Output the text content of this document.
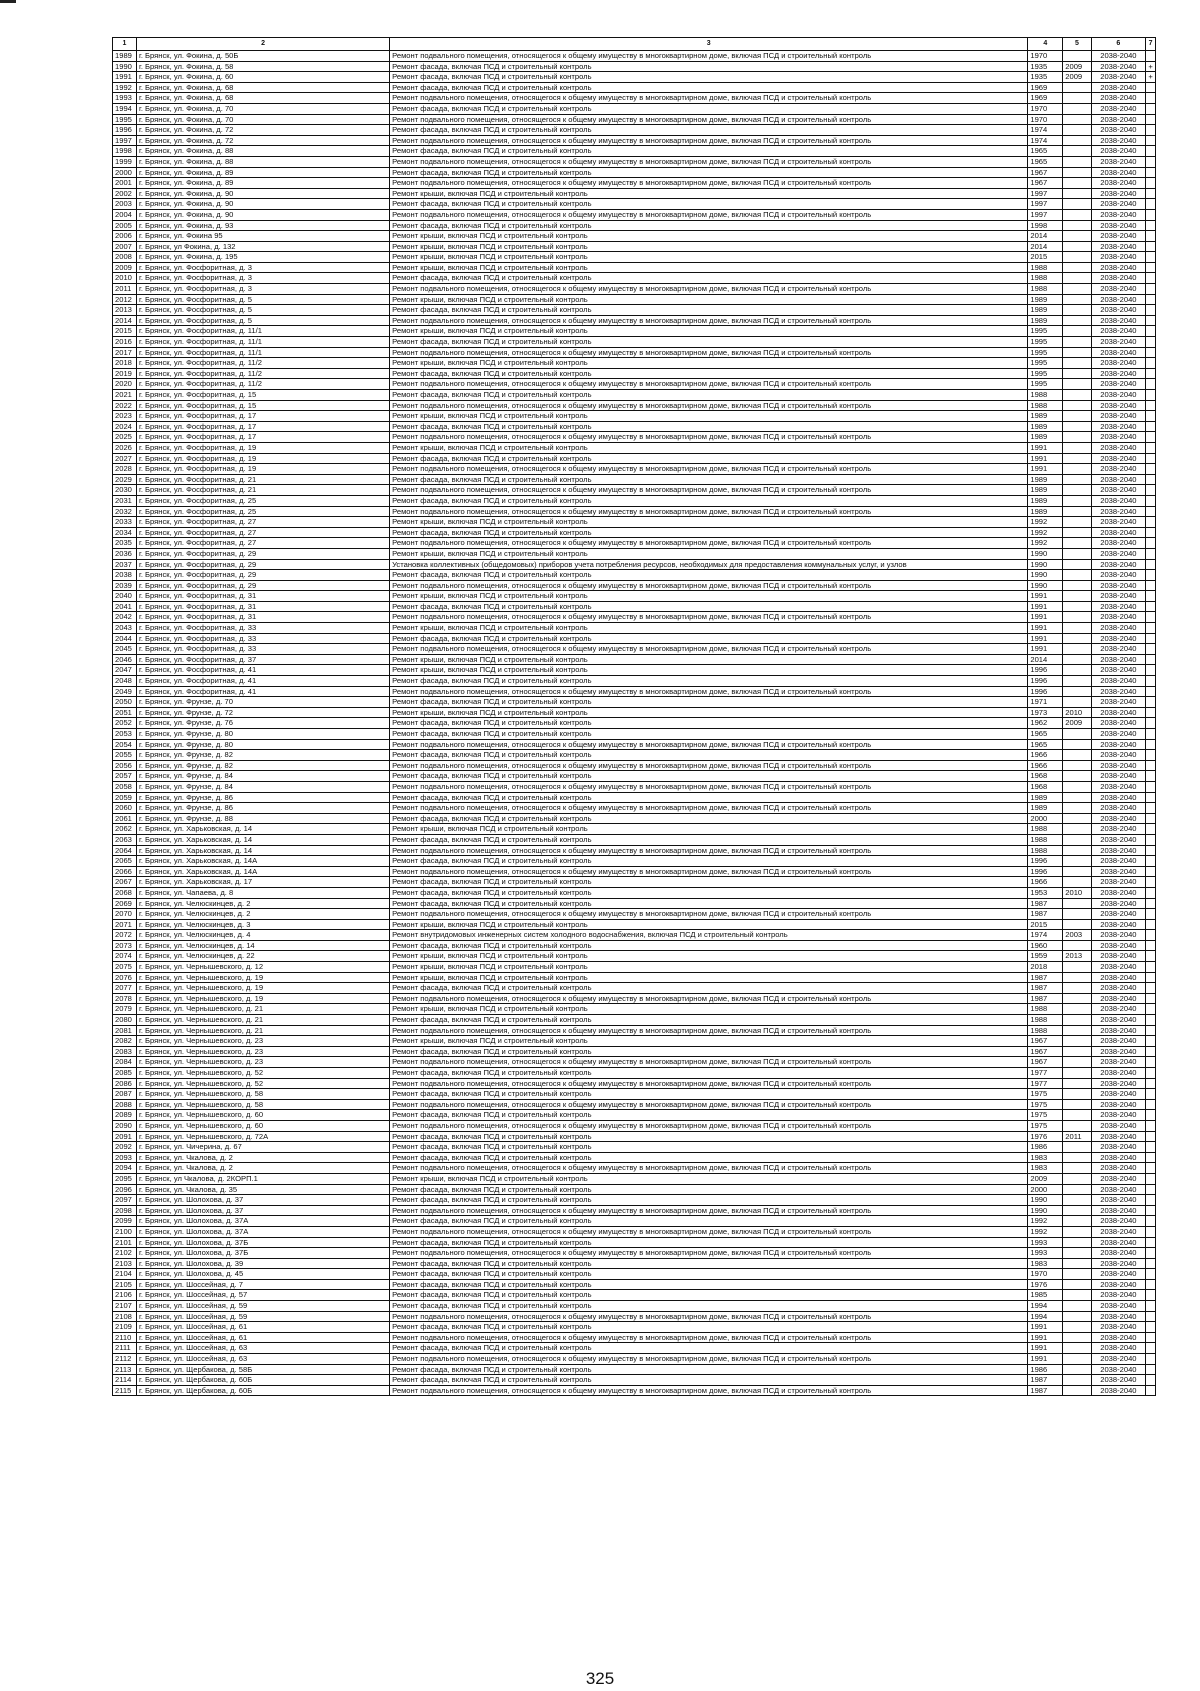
1	2	3	4	5	6	7
1989	г. Брянск, ул. Фокина, д. 50Б	Ремонт подвального помещения, относящегося к общему имуществу в многоквартирном доме, включая ПСД и строительный контроль	1970		2038-2040	
1990	г. Брянск, ул. Фокина, д. 58	Ремонт фасада, включая ПСД и строительный контроль	1935	2009	2038-2040	+
1991	г. Брянск, ул. Фокина, д. 60	Ремонт фасада, включая ПСД и строительный контроль	1935	2009	2038-2040	+
1992	г. Брянск, ул. Фокина, д. 68	Ремонт фасада, включая ПСД и строительный контроль	1969		2038-2040	
1993	г. Брянск, ул. Фокина, д. 68	Ремонт подвального помещения, относящегося к общему имуществу в многоквартирном доме, включая ПСД и строительный контроль	1969		2038-2040	
1994	г. Брянск, ул. Фокина, д. 70	Ремонт фасада, включая ПСД и строительный контроль	1970		2038-2040	
1995	г. Брянск, ул. Фокина, д. 70	Ремонт подвального помещения, относящегося к общему имуществу в многоквартирном доме, включая ПСД и строительный контроль	1970		2038-2040	
1996	г. Брянск, ул. Фокина, д. 72	Ремонт фасада, включая ПСД и строительный контроль	1974		2038-2040	
1997	г. Брянск, ул. Фокина, д. 72	Ремонт подвального помещения, относящегося к общему имуществу в многоквартирном доме, включая ПСД и строительный контроль	1974		2038-2040	
1998	г. Брянск, ул. Фокина, д. 88	Ремонт фасада, включая ПСД и строительный контроль	1965		2038-2040	
1999	г. Брянск, ул. Фокина, д. 88	Ремонт подвального помещения, относящегося к общему имуществу в многоквартирном доме, включая ПСД и строительный контроль	1965		2038-2040	
2000	г. Брянск, ул. Фокина, д. 89	Ремонт фасада, включая ПСД и строительный контроль	1967		2038-2040	
2001	г. Брянск, ул. Фокина, д. 89	Ремонт подвального помещения, относящегося к общему имуществу в многоквартирном доме, включая ПСД и строительный контроль	1967		2038-2040	
2002	г. Брянск, ул. Фокина, д. 90	Ремонт крыши, включая ПСД и строительный контроль	1997		2038-2040	
2003	г. Брянск, ул. Фокина, д. 90	Ремонт фасада, включая ПСД и строительный контроль	1997		2038-2040	
2004	г. Брянск, ул. Фокина, д. 90	Ремонт подвального помещения, относящегося к общему имуществу в многоквартирном доме, включая ПСД и строительный контроль	1997		2038-2040	
2005	г. Брянск, ул. Фокина, д. 93	Ремонт фасада, включая ПСД и строительный контроль	1998		2038-2040	
2006	г. Брянск, ул. Фокина 95	Ремонт крыши, включая ПСД и строительный контроль	2014		2038-2040	
2007	г. Брянск, ул Фокина, д. 132	Ремонт крыши, включая ПСД и строительный контроль	2014		2038-2040	
2008	г. Брянск, ул. Фокина, д. 195	Ремонт крыши, включая ПСД и строительный контроль	2015		2038-2040	
2009	г. Брянск, ул. Фосфоритная, д. 3	Ремонт крыши, включая ПСД и строительный контроль	1988		2038-2040	
2010	г. Брянск, ул. Фосфоритная, д. 3	Ремонт фасада, включая ПСД и строительный контроль	1988		2038-2040	
2011	г. Брянск, ул. Фосфоритная, д. 3	Ремонт подвального помещения, относящегося к общему имуществу в многоквартирном доме, включая ПСД и строительный контроль	1988		2038-2040	
2012	г. Брянск, ул. Фосфоритная, д. 5	Ремонт крыши, включая ПСД и строительный контроль	1989		2038-2040	
2013	г. Брянск, ул. Фосфоритная, д. 5	Ремонт фасада, включая ПСД и строительный контроль	1989		2038-2040	
2014	г. Брянск, ул. Фосфоритная, д. 5	Ремонт подвального помещения, относящегося к общему имуществу в многоквартирном доме, включая ПСД и строительный контроль	1989		2038-2040	
2015	г. Брянск, ул. Фосфоритная, д. 11/1	Ремонт крыши, включая ПСД и строительный контроль	1995		2038-2040	
2016	г. Брянск, ул. Фосфоритная, д. 11/1	Ремонт фасада, включая ПСД и строительный контроль	1995		2038-2040	
2017	г. Брянск, ул. Фосфоритная, д. 11/1	Ремонт подвального помещения, относящегося к общему имуществу в многоквартирном доме, включая ПСД и строительный контроль	1995		2038-2040	
2018	г. Брянск, ул. Фосфоритная, д. 11/2	Ремонт крыши, включая ПСД и строительный контроль	1995		2038-2040	
2019	г. Брянск, ул. Фосфоритная, д. 11/2	Ремонт фасада, включая ПСД и строительный контроль	1995		2038-2040	
2020	г. Брянск, ул. Фосфоритная, д. 11/2	Ремонт подвального помещения, относящегося к общему имуществу в многоквартирном доме, включая ПСД и строительный контроль	1995		2038-2040	
2021	г. Брянск, ул. Фосфоритная, д. 15	Ремонт фасада, включая ПСД и строительный контроль	1988		2038-2040	
2022	г. Брянск, ул. Фосфоритная, д. 15	Ремонт подвального помещения, относящегося к общему имуществу в многоквартирном доме, включая ПСД и строительный контроль	1988		2038-2040	
2023	г. Брянск, ул. Фосфоритная, д. 17	Ремонт крыши, включая ПСД и строительный контроль	1989		2038-2040	
2024	г. Брянск, ул. Фосфоритная, д. 17	Ремонт фасада, включая ПСД и строительный контроль	1989		2038-2040	
2025	г. Брянск, ул. Фосфоритная, д. 17	Ремонт подвального помещения, относящегося к общему имуществу в многоквартирном доме, включая ПСД и строительный контроль	1989		2038-2040	
2026	г. Брянск, ул. Фосфоритная, д. 19	Ремонт крыши, включая ПСД и строительный контроль	1991		2038-2040	
2027	г. Брянск, ул. Фосфоритная, д. 19	Ремонт фасада, включая ПСД и строительный контроль	1991		2038-2040	
2028	г. Брянск, ул. Фосфоритная, д. 19	Ремонт подвального помещения, относящегося к общему имуществу в многоквартирном доме, включая ПСД и строительный контроль	1991		2038-2040	
2029	г. Брянск, ул. Фосфоритная, д. 21	Ремонт фасада, включая ПСД и строительный контроль	1989		2038-2040	
2030	г. Брянск, ул. Фосфоритная, д. 21	Ремонт подвального помещения, относящегося к общему имуществу в многоквартирном доме, включая ПСД и строительный контроль	1989		2038-2040	
2031	г. Брянск, ул. Фосфоритная, д. 25	Ремонт фасада, включая ПСД и строительный контроль	1989		2038-2040	
2032	г. Брянск, ул. Фосфоритная, д. 25	Ремонт подвального помещения, относящегося к общему имуществу в многоквартирном доме, включая ПСД и строительный контроль	1989		2038-2040	
2033	г. Брянск, ул. Фосфоритная, д. 27	Ремонт крыши, включая ПСД и строительный контроль	1992		2038-2040	
2034	г. Брянск, ул. Фосфоритная, д. 27	Ремонт фасада, включая ПСД и строительный контроль	1992		2038-2040	
2035	г. Брянск, ул. Фосфоритная, д. 27	Ремонт подвального помещения, относящегося к общему имуществу в многоквартирном доме, включая ПСД и строительный контроль	1992		2038-2040	
2036	г. Брянск, ул. Фосфоритная, д. 29	Ремонт крыши, включая ПСД и строительный контроль	1990		2038-2040	
2037	г. Брянск, ул. Фосфоритная, д. 29	Установка коллективных (общедомовых) приборов учета потребления ресурсов, необходимых для предоставления коммунальных услуг, и узлов	1990		2038-2040	
2038	г. Брянск, ул. Фосфоритная, д. 29	Ремонт фасада, включая ПСД и строительный контроль	1990		2038-2040	
2039	г. Брянск, ул. Фосфоритная, д. 29	Ремонт подвального помещения, относящегося к общему имуществу в многоквартирном доме, включая ПСД и строительный контроль	1990		2038-2040	
2040	г. Брянск, ул. Фосфоритная, д. 31	Ремонт крыши, включая ПСД и строительный контроль	1991		2038-2040	
2041	г. Брянск, ул. Фосфоритная, д. 31	Ремонт фасада, включая ПСД и строительный контроль	1991		2038-2040	
2042	г. Брянск, ул. Фосфоритная, д. 31	Ремонт подвального помещения, относящегося к общему имуществу в многоквартирном доме, включая ПСД и строительный контроль	1991		2038-2040	
2043	г. Брянск, ул. Фосфоритная, д. 33	Ремонт крыши, включая ПСД и строительный контроль	1991		2038-2040	
2044	г. Брянск, ул. Фосфоритная, д. 33	Ремонт фасада, включая ПСД и строительный контроль	1991		2038-2040	
2045	г. Брянск, ул. Фосфоритная, д. 33	Ремонт подвального помещения, относящегося к общему имуществу в многоквартирном доме, включая ПСД и строительный контроль	1991		2038-2040	
2046	г. Брянск, ул. Фосфоритная, д. 37	Ремонт крыши, включая ПСД и строительный контроль	2014		2038-2040	
2047	г. Брянск, ул. Фосфоритная, д. 41	Ремонт крыши, включая ПСД и строительный контроль	1996		2038-2040	
2048	г. Брянск, ул. Фосфоритная, д. 41	Ремонт фасада, включая ПСД и строительный контроль	1996		2038-2040	
2049	г. Брянск, ул. Фосфоритная, д. 41	Ремонт подвального помещения, относящегося к общему имуществу в многоквартирном доме, включая ПСД и строительный контроль	1996		2038-2040	
2050	г. Брянск, ул. Фрунзе, д. 70	Ремонт фасада, включая ПСД и строительный контроль	1971		2038-2040	
2051	г. Брянск, ул. Фрунзе, д. 72	Ремонт крыши, включая ПСД и строительный контроль	1973	2010	2038-2040	
2052	г. Брянск, ул. Фрунзе, д. 76	Ремонт фасада, включая ПСД и строительный контроль	1962	2009	2038-2040	
2053	г. Брянск, ул. Фрунзе, д. 80	Ремонт фасада, включая ПСД и строительный контроль	1965		2038-2040	
2054	г. Брянск, ул. Фрунзе, д. 80	Ремонт подвального помещения, относящегося к общему имуществу в многоквартирном доме, включая ПСД и строительный контроль	1965		2038-2040	
2055	г. Брянск, ул. Фрунзе, д. 82	Ремонт фасада, включая ПСД и строительный контроль	1966		2038-2040	
2056	г. Брянск, ул. Фрунзе, д. 82	Ремонт подвального помещения, относящегося к общему имуществу в многоквартирном доме, включая ПСД и строительный контроль	1966		2038-2040	
2057	г. Брянск, ул. Фрунзе, д. 84	Ремонт фасада, включая ПСД и строительный контроль	1968		2038-2040	
2058	г. Брянск, ул. Фрунзе, д. 84	Ремонт подвального помещения, относящегося к общему имуществу в многоквартирном доме, включая ПСД и строительный контроль	1968		2038-2040	
2059	г. Брянск, ул. Фрунзе, д. 86	Ремонт фасада, включая ПСД и строительный контроль	1989		2038-2040	
2060	г. Брянск, ул. Фрунзе, д. 86	Ремонт подвального помещения, относящегося к общему имуществу в многоквартирном доме, включая ПСД и строительный контроль	1989		2038-2040	
2061	г. Брянск, ул. Фрунзе, д. 88	Ремонт фасада, включая ПСД и строительный контроль	2000		2038-2040	
2062	г. Брянск, ул. Харьковская, д. 14	Ремонт крыши, включая ПСД и строительный контроль	1988		2038-2040	
2063	г. Брянск, ул. Харьковская, д. 14	Ремонт фасада, включая ПСД и строительный контроль	1988		2038-2040	
2064	г. Брянск, ул. Харьковская, д. 14	Ремонт подвального помещения, относящегося к общему имуществу в многоквартирном доме, включая ПСД и строительный контроль	1988		2038-2040	
2065	г. Брянск, ул. Харьковская, д. 14А	Ремонт фасада, включая ПСД и строительный контроль	1996		2038-2040	
2066	г. Брянск, ул. Харьковская, д. 14А	Ремонт подвального помещения, относящегося к общему имуществу в многоквартирном доме, включая ПСД и строительный контроль	1996		2038-2040	
2067	г. Брянск, ул. Харьковская, д. 17	Ремонт фасада, включая ПСД и строительный контроль	1966		2038-2040	
2068	г. Брянск, ул. Чапаева, д. 8	Ремонт фасада, включая ПСД и строительный контроль	1953	2010	2038-2040	
2069	г. Брянск, ул. Челюскинцев, д. 2	Ремонт фасада, включая ПСД и строительный контроль	1987		2038-2040	
2070	г. Брянск, ул. Челюскинцев, д. 2	Ремонт подвального помещения, относящегося к общему имуществу в многоквартирном доме, включая ПСД и строительный контроль	1987		2038-2040	
2071	г. Брянск, ул. Челюскинцев, д. 3	Ремонт крыши, включая ПСД и строительный контроль	2015		2038-2040	
2072	г. Брянск, ул. Челюскинцев, д. 4	Ремонт внутридомовых инженерных систем холодного водоснабжения, включая ПСД и строительный контроль	1974	2003	2038-2040	
2073	г. Брянск, ул. Челюскинцев, д. 14	Ремонт фасада, включая ПСД и строительный контроль	1960		2038-2040	
2074	г. Брянск, ул. Челюскинцев, д. 22	Ремонт крыши, включая ПСД и строительный контроль	1959	2013	2038-2040	
2075	г. Брянск, ул. Чернышевского, д. 12	Ремонт крыши, включая ПСД и строительный контроль	2018		2038-2040	
2076	г. Брянск, ул. Чернышевского, д. 19	Ремонт крыши, включая ПСД и строительный контроль	1987		2038-2040	
2077	г. Брянск, ул. Чернышевского, д. 19	Ремонт фасада, включая ПСД и строительный контроль	1987		2038-2040	
2078	г. Брянск, ул. Чернышевского, д. 19	Ремонт подвального помещения, относящегося к общему имуществу в многоквартирном доме, включая ПСД и строительный контроль	1987		2038-2040	
2079	г. Брянск, ул. Чернышевского, д. 21	Ремонт крыши, включая ПСД и строительный контроль	1988		2038-2040	
2080	г. Брянск, ул. Чернышевского, д. 21	Ремонт фасада, включая ПСД и строительный контроль	1988		2038-2040	
2081	г. Брянск, ул. Чернышевского, д. 21	Ремонт подвального помещения, относящегося к общему имуществу в многоквартирном доме, включая ПСД и строительный контроль	1988		2038-2040	
2082	г. Брянск, ул. Чернышевского, д. 23	Ремонт крыши, включая ПСД и строительный контроль	1967		2038-2040	
2083	г. Брянск, ул. Чернышевского, д. 23	Ремонт фасада, включая ПСД и строительный контроль	1967		2038-2040	
2084	г. Брянск, ул. Чернышевского, д. 23	Ремонт подвального помещения, относящегося к общему имуществу в многоквартирном доме, включая ПСД и строительный контроль	1967		2038-2040	
2085	г. Брянск, ул. Чернышевского, д. 52	Ремонт фасада, включая ПСД и строительный контроль	1977		2038-2040	
2086	г. Брянск, ул. Чернышевского, д. 52	Ремонт подвального помещения, относящегося к общему имуществу в многоквартирном доме, включая ПСД и строительный контроль	1977		2038-2040	
2087	г. Брянск, ул. Чернышевского, д. 58	Ремонт фасада, включая ПСД и строительный контроль	1975		2038-2040	
2088	г. Брянск, ул. Чернышевского, д. 58	Ремонт подвального помещения, относящегося к общему имуществу в многоквартирном доме, включая ПСД и строительный контроль	1975		2038-2040	
2089	г. Брянск, ул. Чернышевского, д. 60	Ремонт фасада, включая ПСД и строительный контроль	1975		2038-2040	
2090	г. Брянск, ул. Чернышевского, д. 60	Ремонт подвального помещения, относящегося к общему имуществу в многоквартирном доме, включая ПСД и строительный контроль	1975		2038-2040	
2091	г. Брянск, ул. Чернышевского, д. 72А	Ремонт фасада, включая ПСД и строительный контроль	1976	2011	2038-2040	
2092	г. Брянск, ул. Чичерина, д. 67	Ремонт фасада, включая ПСД и строительный контроль	1986		2038-2040	
2093	г. Брянск, ул. Чкалова, д. 2	Ремонт фасада, включая ПСД и строительный контроль	1983		2038-2040	
2094	г. Брянск, ул. Чкалова, д. 2	Ремонт подвального помещения, относящегося к общему имуществу в многоквартирном доме, включая ПСД и строительный контроль	1983		2038-2040	
2095	г. Брянск, ул Чкалова, д. 2КОРП.1	Ремонт крыши, включая ПСД и строительный контроль	2009		2038-2040	
2096	г. Брянск, ул. Чкалова, д. 35	Ремонт фасада, включая ПСД и строительный контроль	2000		2038-2040	
2097	г. Брянск, ул. Шолохова, д. 37	Ремонт фасада, включая ПСД и строительный контроль	1990		2038-2040	
2098	г. Брянск, ул. Шолохова, д. 37	Ремонт подвального помещения, относящегося к общему имуществу в многоквартирном доме, включая ПСД и строительный контроль	1990		2038-2040	
2099	г. Брянск, ул. Шолохова, д. 37А	Ремонт фасада, включая ПСД и строительный контроль	1992		2038-2040	
2100	г. Брянск, ул. Шолохова, д. 37А	Ремонт подвального помещения, относящегося к общему имуществу в многоквартирном доме, включая ПСД и строительный контроль	1992		2038-2040	
2101	г. Брянск, ул. Шолохова, д. 37Б	Ремонт фасада, включая ПСД и строительный контроль	1993		2038-2040	
2102	г. Брянск, ул. Шолохова, д. 37Б	Ремонт подвального помещения, относящегося к общему имуществу в многоквартирном доме, включая ПСД и строительный контроль	1993		2038-2040	
2103	г. Брянск, ул. Шолохова, д. 39	Ремонт фасада, включая ПСД и строительный контроль	1983		2038-2040	
2104	г. Брянск, ул. Шолохова, д. 45	Ремонт фасада, включая ПСД и строительный контроль	1970		2038-2040	
2105	г. Брянск, ул. Шоссейная, д. 7	Ремонт фасада, включая ПСД и строительный контроль	1976		2038-2040	
2106	г. Брянск, ул. Шоссейная, д. 57	Ремонт фасада, включая ПСД и строительный контроль	1985		2038-2040	
2107	г. Брянск, ул. Шоссейная, д. 59	Ремонт фасада, включая ПСД и строительный контроль	1994		2038-2040	
2108	г. Брянск, ул. Шоссейная, д. 59	Ремонт подвального помещения, относящегося к общему имуществу в многоквартирном доме, включая ПСД и строительный контроль	1994		2038-2040	
2109	г. Брянск, ул. Шоссейная, д. 61	Ремонт фасада, включая ПСД и строительный контроль	1991		2038-2040	
2110	г. Брянск, ул. Шоссейная, д. 61	Ремонт подвального помещения, относящегося к общему имуществу в многоквартирном доме, включая ПСД и строительный контроль	1991		2038-2040	
2111	г. Брянск, ул. Шоссейная, д. 63	Ремонт фасада, включая ПСД и строительный контроль	1991		2038-2040	
2112	г. Брянск, ул. Шоссейная, д. 63	Ремонт подвального помещения, относящегося к общему имуществу в многоквартирном доме, включая ПСД и строительный контроль	1991		2038-2040	
2113	г. Брянск, ул. Щербакова, д. 58Б	Ремонт фасада, включая ПСД и строительный контроль	1986		2038-2040	
2114	г. Брянск, ул. Щербакова, д. 60Б	Ремонт фасада, включая ПСД и строительный контроль	1987		2038-2040	
2115	г. Брянск, ул. Щербакова, д. 60Б	Ремонт подвального помещения, относящегося к общему имуществу в многоквартирном доме, включая ПСД и строительный контроль	1987		2038-2040	
325
